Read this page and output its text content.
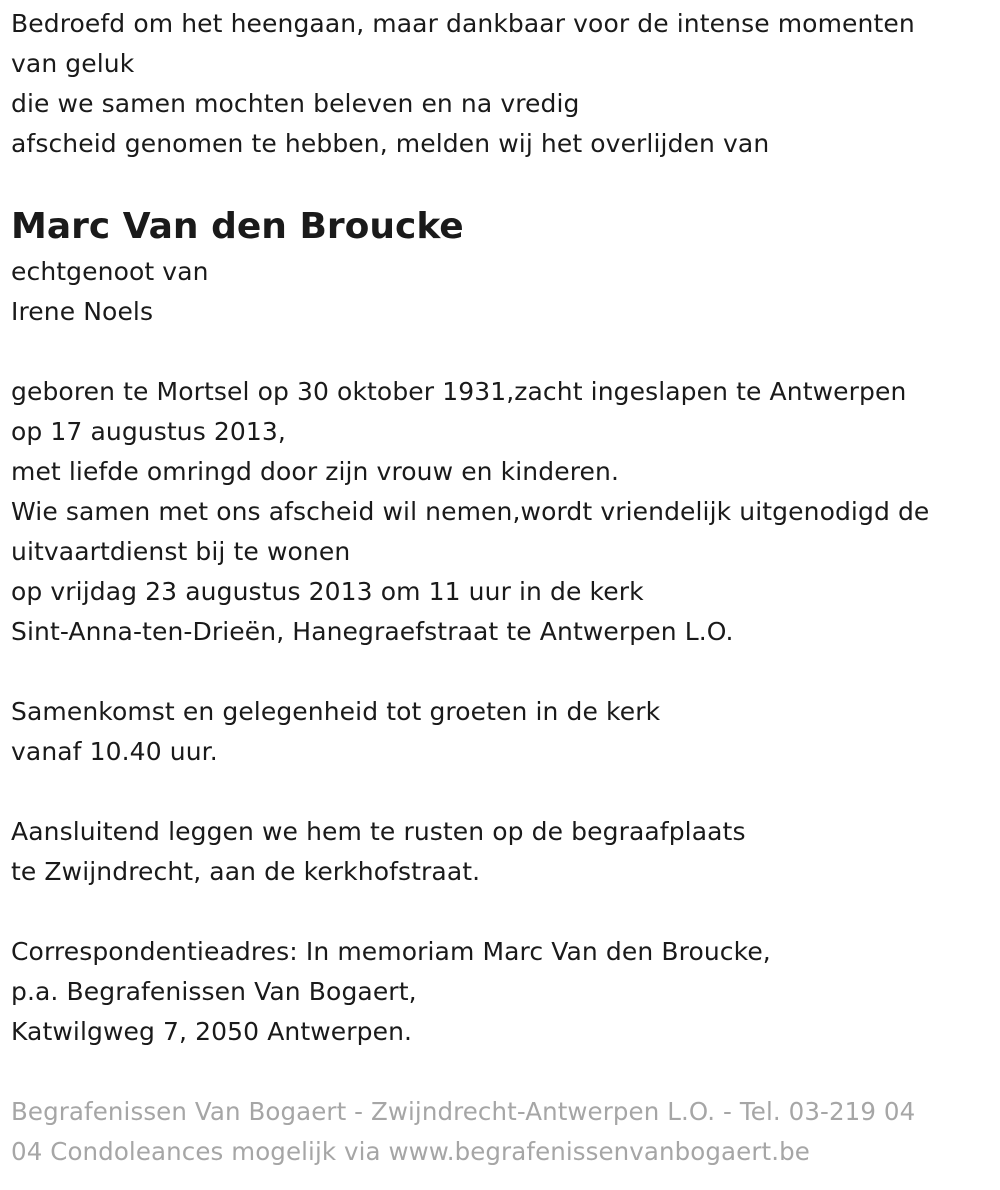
Bedroefd om het heengaan, maar dankbaar voor de intense momenten
van geluk
die we samen mochten beleven en na vredig
afscheid genomen te hebben, melden wij het overlijden van
Marc Van den Broucke
echtgenoot van
Irene Noels
geboren te Mortsel op 30 oktober 1931,zacht ingeslapen te Antwerpen
op 17 augustus 2013,
met liefde omringd door zijn vrouw en kinderen.
Wie samen met ons afscheid wil nemen,wordt vriendelijk uitgenodigd de
uitvaartdienst bij te wonen
op vrijdag 23 augustus 2013 om 11 uur in de kerk
Sint-Anna-ten-Drieën, Hanegraefstraat te Antwerpen L.O.
Samenkomst en gelegenheid tot groeten in de kerk
vanaf 10.40 uur.
Aansluitend leggen we hem te rusten op de begraafplaats
te Zwijndrecht, aan de kerkhofstraat.
Correspondentieadres: In memoriam Marc Van den Broucke,
p.a. Begrafenissen Van Bogaert,
Katwilgweg 7, 2050 Antwerpen.
Begrafenissen Van Bogaert - Zwijndrecht-Antwerpen L.O. - Tel. 03-219 04
04 Condoleances mogelijk via www.begrafenissenvanbogaert.be
